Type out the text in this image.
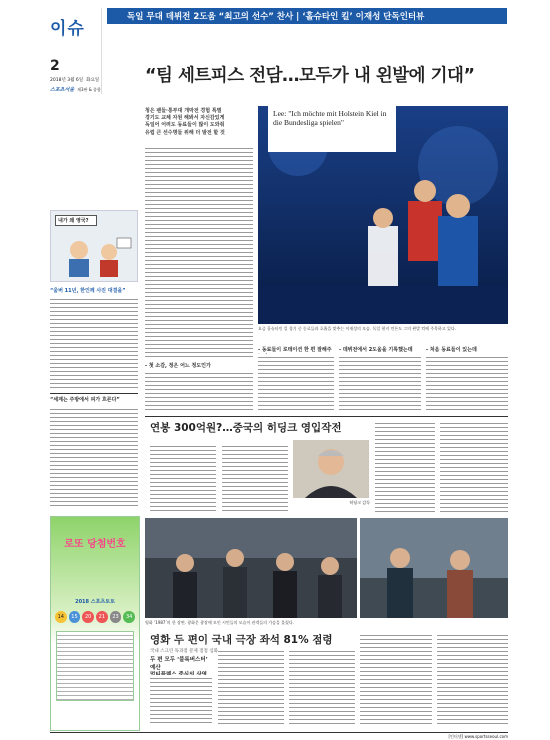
이슈
2
2018년 3월 6일 화요일
스포츠서울 제3판 & 종합
독일 무대 데뷔전 2도움 “최고의 선수” 찬사 | ‘홀슈타인 킬’ 이재성 단독인터뷰
“팀 세트피스 전담…모두가 내 왼발에 기대”
내가 왜 영국?
“울버 11년, 한인께 사진 대결을”
“세계는 주방에서 피가 흐른다”
청은 팬들·통부대 개막전 경험 특별
경기도 교체 자원 해봐서 자신감있게
독일어 어려도 동료들이 많이 도와줘
유럽 큰 선수명들 위해 더 발전 할 것
Lee: "Ich möchte mit Holstein Kiel in die Bundesliga spielen"
요즘 홀슈타인 킬 경기 중 동료들과 호흡을 맞추는 이재성의 모습. 독일 현지 언론도 그의 왼발 킥에 주목하고 있다.
- 첫 소감, 정은 어느 정도인가
- 동료들이 로테이션 한 편 잘해주	- 데뷔전에서 2도움을 기록했는데	- 처음 동료들이 있는데
연봉 300억원?…중국의 히딩크 영입작전
히딩크 감독
로또 당첨번호
2018 스포츠토토
14	15	20	21	23	34
영화 ‘1987’의 한 장면. 광화문 광장에 모인 시민들의 모습이 관객들의 가슴을 울렸다.
영화 두 편이 국내 극장 좌석 81% 점령
국내 스크린 독과점 문제 점점 심화
두 편 모두 ‘블록버스터’ 예산
[인터넷] www.sportsseoul.com
